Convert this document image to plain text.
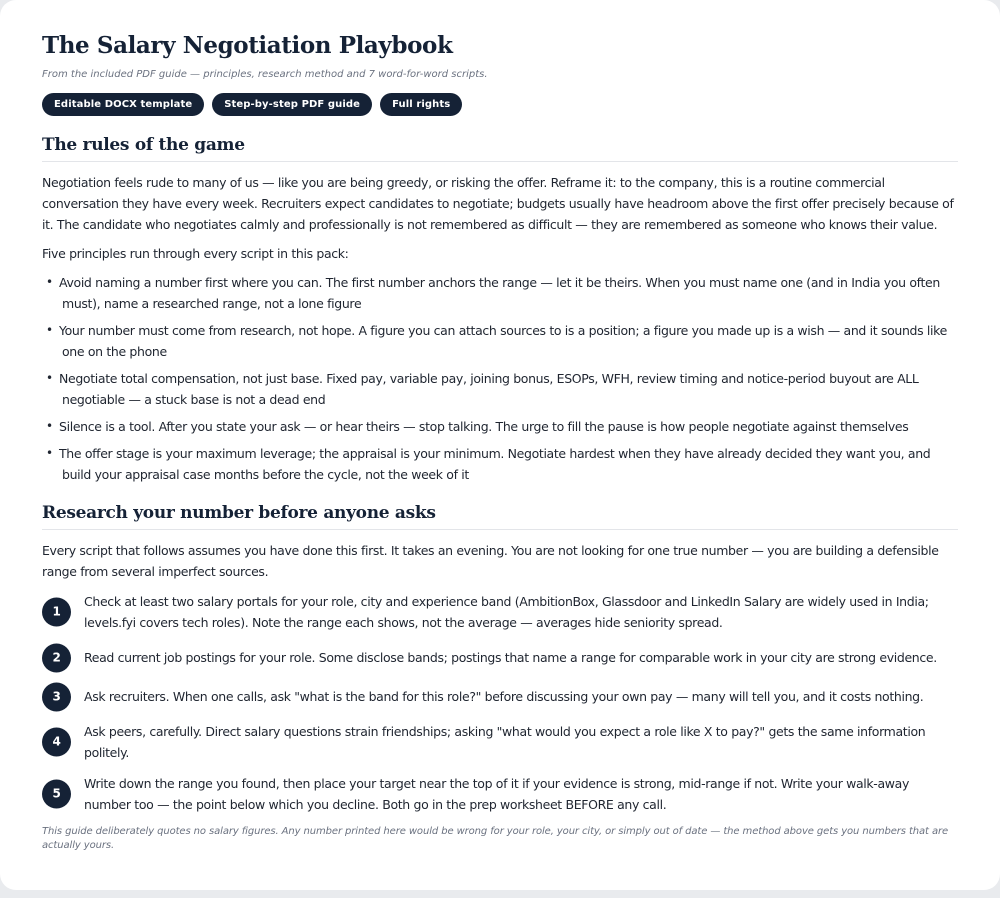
The Salary Negotiation Playbook

From the included PDF guide — principles, research method and 7 word-for-word scripts.

Editable DOCX template	Step-by-step PDF guide	Full rights
The rules of the game

Negotiation feels rude to many of us — like you are being greedy, or risking the offer. Reframe it: to the company, this is a routine commercial conversation they have every week. Recruiters expect candidates to negotiate; budgets usually have headroom above the first offer precisely because of it. The candidate who negotiates calmly and professionally is not remembered as difficult — they are remembered as someone who knows their value.

Five principles run through every script in this pack:

• Avoid naming a number first where you can. The first number anchors the range — let it be theirs. When you must name one (and in India you often must), name a researched range, not a lone figure
• Your number must come from research, not hope. A figure you can attach sources to is a position; a figure you made up is a wish — and it sounds like one on the phone
• Negotiate total compensation, not just base. Fixed pay, variable pay, joining bonus, ESOPs, WFH, review timing and notice-period buyout are ALL negotiable — a stuck base is not a dead end
• Silence is a tool. After you state your ask — or hear theirs — stop talking. The urge to fill the pause is how people negotiate against themselves
• The offer stage is your maximum leverage; the appraisal is your minimum. Negotiate hardest when they have already decided they want you, and build your appraisal case months before the cycle, not the week of it
Research your number before anyone asks

Every script that follows assumes you have done this first. It takes an evening. You are not looking for one true number — you are building a defensible range from several imperfect sources.

1
Check at least two salary portals for your role, city and experience band (AmbitionBox, Glassdoor and LinkedIn Salary are widely used in India; levels.fyi covers tech roles). Note the range each shows, not the average — averages hide seniority spread.
2	Read current job postings for your role. Some disclose bands; postings that name a range for comparable work in your city are strong evidence.
3	Ask recruiters. When one calls, ask "what is the band for this role?" before discussing your own pay — many will tell you, and it costs nothing.
4
Ask peers, carefully. Direct salary questions strain friendships; asking "what would you expect a role like X to pay?" gets the same information politely.
5
Write down the range you found, then place your target near the top of it if your evidence is strong, mid-range if not. Write your walk-away number too — the point below which you decline. Both go in the prep worksheet BEFORE any call.

This guide deliberately quotes no salary figures. Any number printed here would be wrong for your role, your city, or simply out of date — the method above gets you numbers that are actually yours.
